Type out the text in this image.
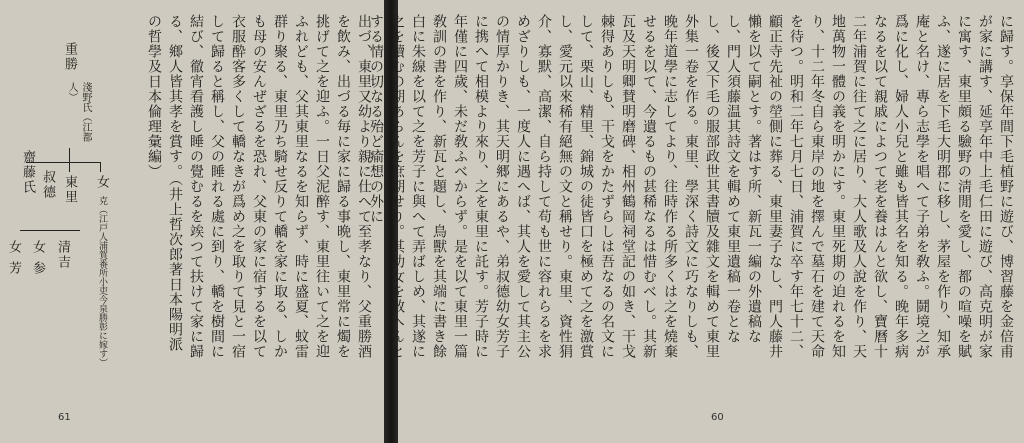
出づ、東里又幼より親に仕へて至孝なり、父重勝酒を飲み、出づる毎に家に歸る事晩し、東里常に燭を挑げて之を迎ふ。一日父泥醉す、東里往いて之を迎ふれども、父其東里なるを知らず、時に盛夏、蚊雷群り聚る、東里乃ち騎せ反りて轎を家に取る、しかも母の安んぜざるを恐れ、父東の家に宿するを以て衣服酔客多くして轎なきが爲め之を取りて見と一宿して歸ると稱し、父の睡れる處に到り、轎を樹間に結び、徹宵看護し睡の覺むるを竢つて扶けて家に歸る、鄉人皆其孝を賞す。（井上哲次郎著日本陽明派の哲學及日本倫理彙編）

重勝
淺野氏（江都人）
女
克（江戸人浦賀番所小吏今泉勝彰に嫁す）
東里
叔德
齋藤氏
清吉
女 参
女 芳
61

に歸す。享保年間下毛植野に遊び、博習藤を金倍甫が家に講す、延享年中上毛仁田に遊び、高克明が家に寓す、東里頗る驗野の淸閒を愛し、都の喧噪を賦ふ、遂に居を下毛大明郡に移し、茅屋を作り、知承庵と名け、專ら志學を唱へて子弟を敎ふ。鬪境之が爲に化し、婦人小兒と雖も皆其名を知る。晚年多病なるを以て親戚によつて老を養はんと欲し、寶曆十二年浦賀に往て之に居り、大人歌及人說を作り、天地萬物一體の義を明かにす。東里死期の迫れるを知り、十二年冬自ら東岸の地を擇んで墓石を建て天命を待つ。明和二年七月七日、浦賀に卒す年七十二、顧正寺先祉の塋側に葬る、東里妻子なし、門人藤井懶を以て嗣とす。著はす所、新瓦一編の外遺稿なし、門人須藤温其詩文を輯めて東里遺稿一卷となし、後又下毛の服部政世其書牘及雜文を輯めて東里外集一卷を作る。東里、學深く詩文に巧なりしも、晚年道學に志してより、往時作る所多くは之を燒棄せるを以て、今遺るもの甚稀なるは惜むべし。其新瓦及天明卿賛明磨碑、相州鶴岡祠堂記の如き、干戈棘得ありしも、干戈をかたずらしは吾なるの名文にして、栗山、精里、錦城の徒皆口を極めて之を激賞し、愛元以來稀有絕無の文と稱せり。東里、資性狷介、寡默、高潔、自ら持して苟も世に容れらるを求めざりしも、一度人に遇へば、其人を愛して其主公の情厚かりき、其天明郷にあるや、弟叔德幼女芳子に携へて相模より來り、之を東里に託す。芳子時に年僅に四歲、未だ敎ふべからず。是を以て東里一篇敎訓の書を作り、新瓦と題し、鳥獸を其端に書き餘白に朱線を以て之を芳子に與へて弄ばしめ、其遂に之を讀むの期あらんを庶期せり。其幼女を敎へんとする情の切なる殆ど瘉想の外に

60
